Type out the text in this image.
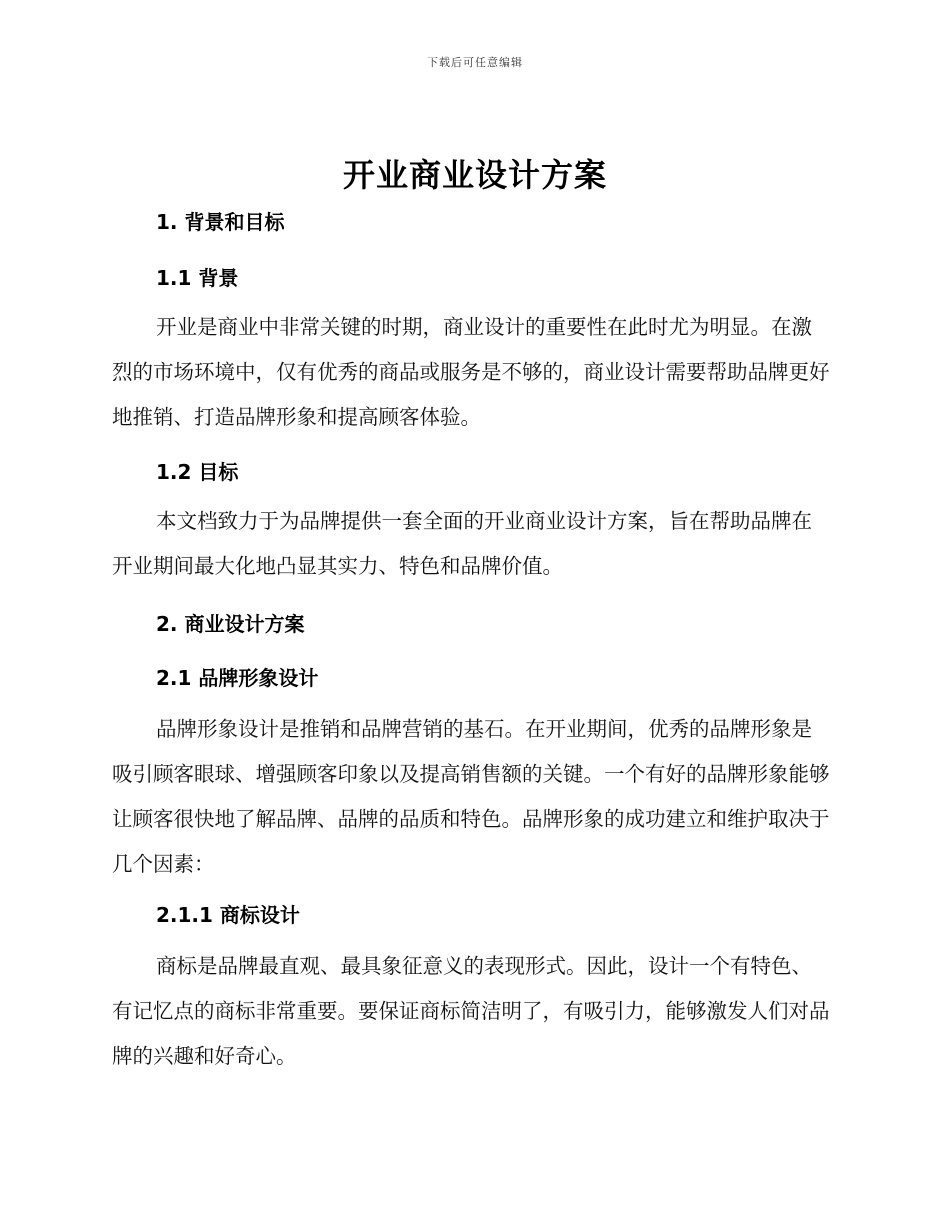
下载后可任意编辑
开业商业设计方案
1. 背景和目标
1.1 背景
开业是商业中非常关键的时期，商业设计的重要性在此时尤为明显。在激烈的市场环境中，仅有优秀的商品或服务是不够的，商业设计需要帮助品牌更好地推销、打造品牌形象和提高顾客体验。
1.2 目标
本文档致力于为品牌提供一套全面的开业商业设计方案，旨在帮助品牌在开业期间最大化地凸显其实力、特色和品牌价值。
2. 商业设计方案
2.1 品牌形象设计
品牌形象设计是推销和品牌营销的基石。在开业期间，优秀的品牌形象是吸引顾客眼球、增强顾客印象以及提高销售额的关键。一个有好的品牌形象能够让顾客很快地了解品牌、品牌的品质和特色。品牌形象的成功建立和维护取决于几个因素：
2.1.1 商标设计
商标是品牌最直观、最具象征意义的表现形式。因此，设计一个有特色、有记忆点的商标非常重要。要保证商标简洁明了，有吸引力，能够激发人们对品牌的兴趣和好奇心。
